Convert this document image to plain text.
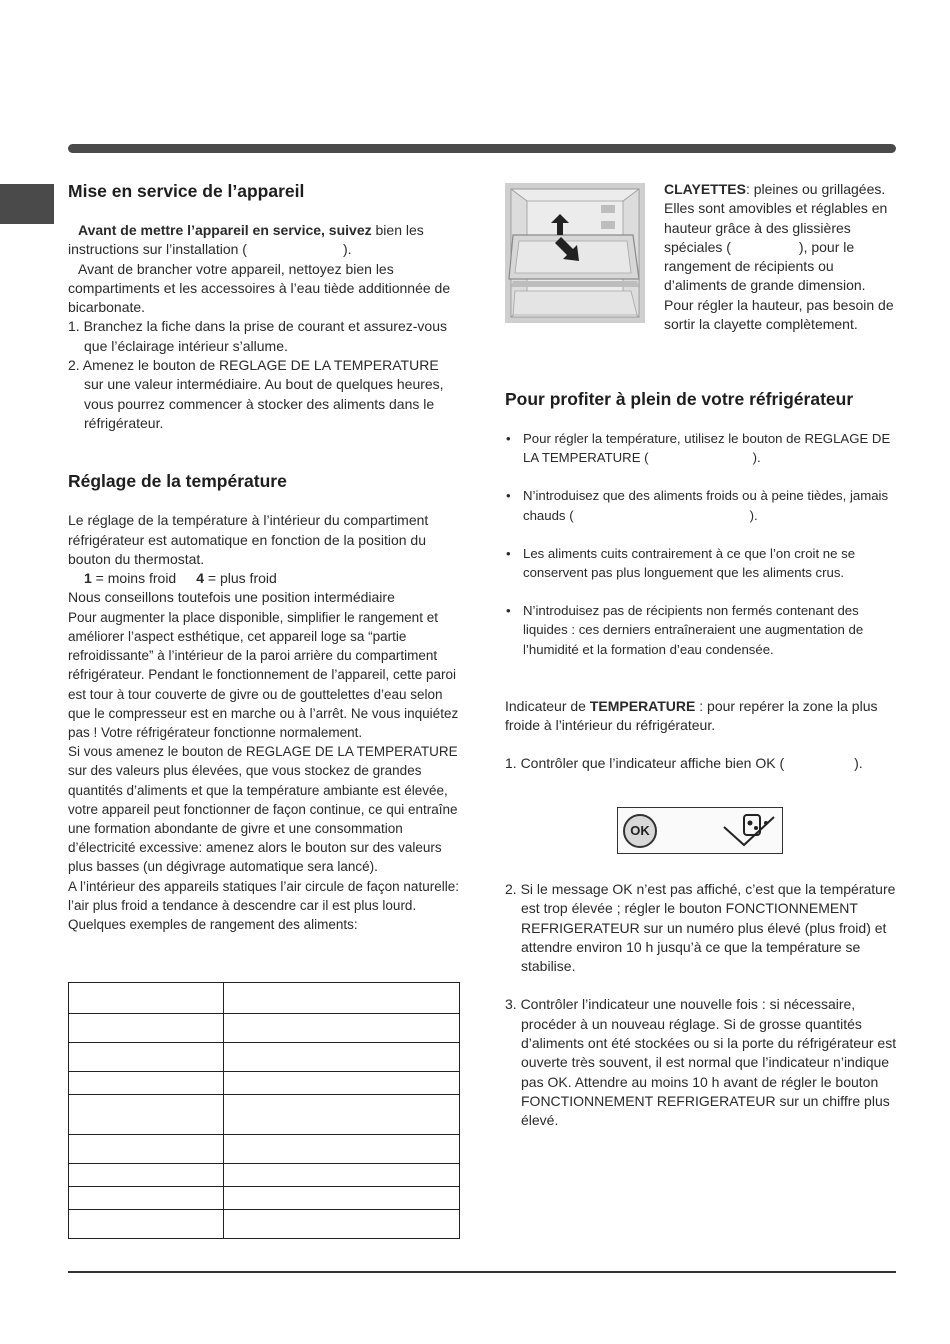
Mise en service de l’appareil

Avant de mettre l’appareil en service, suivez bien les instructions sur l’installation (	).

Avant de brancher votre appareil, nettoyez bien les compartiments et les accessoires à l’eau tiède additionnée de bicarbonate.

1. Branchez la fiche dans la prise de courant et assurez-vous que l’éclairage intérieur s’allume.

2. Amenez le bouton de REGLAGE DE LA TEMPERATURE sur une valeur intermédiaire. Au bout de quelques heures, vous pourrez commencer à stocker des aliments dans le réfrigérateur.

Réglage de la température

Le réglage de la température à l’intérieur du compartiment réfrigérateur est automatique en fonction de la position du bouton du thermostat.

1 = moins froid 4 = plus froid

Nous conseillons toutefois une position intermédiaire

Pour augmenter la place disponible, simplifier le rangement et améliorer l’aspect esthétique, cet appareil loge sa “partie refroidissante” à l’intérieur de la paroi arrière du compartiment réfrigérateur. Pendant le fonctionnement de l’appareil, cette paroi est tour à tour couverte de givre ou de gouttelettes d’eau selon que le compresseur est en marche ou à l’arrêt. Ne vous inquiétez pas ! Votre réfrigérateur fonctionne normalement.

Si vous amenez le bouton de REGLAGE DE LA TEMPERATURE sur des valeurs plus élevées, que vous stockez de grandes quantités d’aliments et que la température ambiante est élevée, votre appareil peut fonctionner de façon continue, ce qui entraîne une formation abondante de givre et une consommation d’électricité excessive: amenez alors le bouton sur des valeurs plus basses (un dégivrage automatique sera lancé).

A l’intérieur des appareils statiques l’air circule de façon naturelle: l’air plus froid a tendance à descendre car il est plus lourd. Quelques exemples de rangement des aliments:

CLAYETTES: pleines ou grillagées.

Elles sont amovibles et réglables en hauteur grâce à des glissières spéciales (	), pour le rangement de récipients ou d’aliments de grande dimension. Pour régler la hauteur, pas besoin de sortir la clayette complètement.

Pour profiter à plein de votre réfrigérateur
• Pour régler la température, utilisez le bouton de REGLAGE DE LA TEMPERATURE (	).
• N’introduisez que des aliments froids ou à peine tièdes, jamais chauds (	).
• Les aliments cuits contrairement à ce que l’on croit ne se conservent pas plus longuement que les aliments crus.
• N’introduisez pas de récipients non fermés contenant des liquides : ces derniers entraîneraient une augmentation de l’humidité et la formation d’eau condensée.

Indicateur de TEMPERATURE : pour repérer la zone la plus froide à l’intérieur du réfrigérateur.

1. Contrôler que l’indicateur affiche bien OK (	).

OK

2. Si le message OK n’est pas affiché, c’est que la température est trop élevée ; régler le bouton FONCTIONNEMENT REFRIGERATEUR sur un numéro plus élevé (plus froid) et attendre environ 10 h jusqu’à ce que la température se stabilise.

3. Contrôler l’indicateur une nouvelle fois : si nécessaire, procéder à un nouveau réglage. Si de grosse quantités d’aliments ont été stockées ou si la porte du réfrigérateur est ouverte très souvent, il est normal que l’indicateur n’indique pas OK. Attendre au moins 10 h avant de régler le bouton FONCTIONNEMENT REFRIGERATEUR sur un chiffre plus élevé.
